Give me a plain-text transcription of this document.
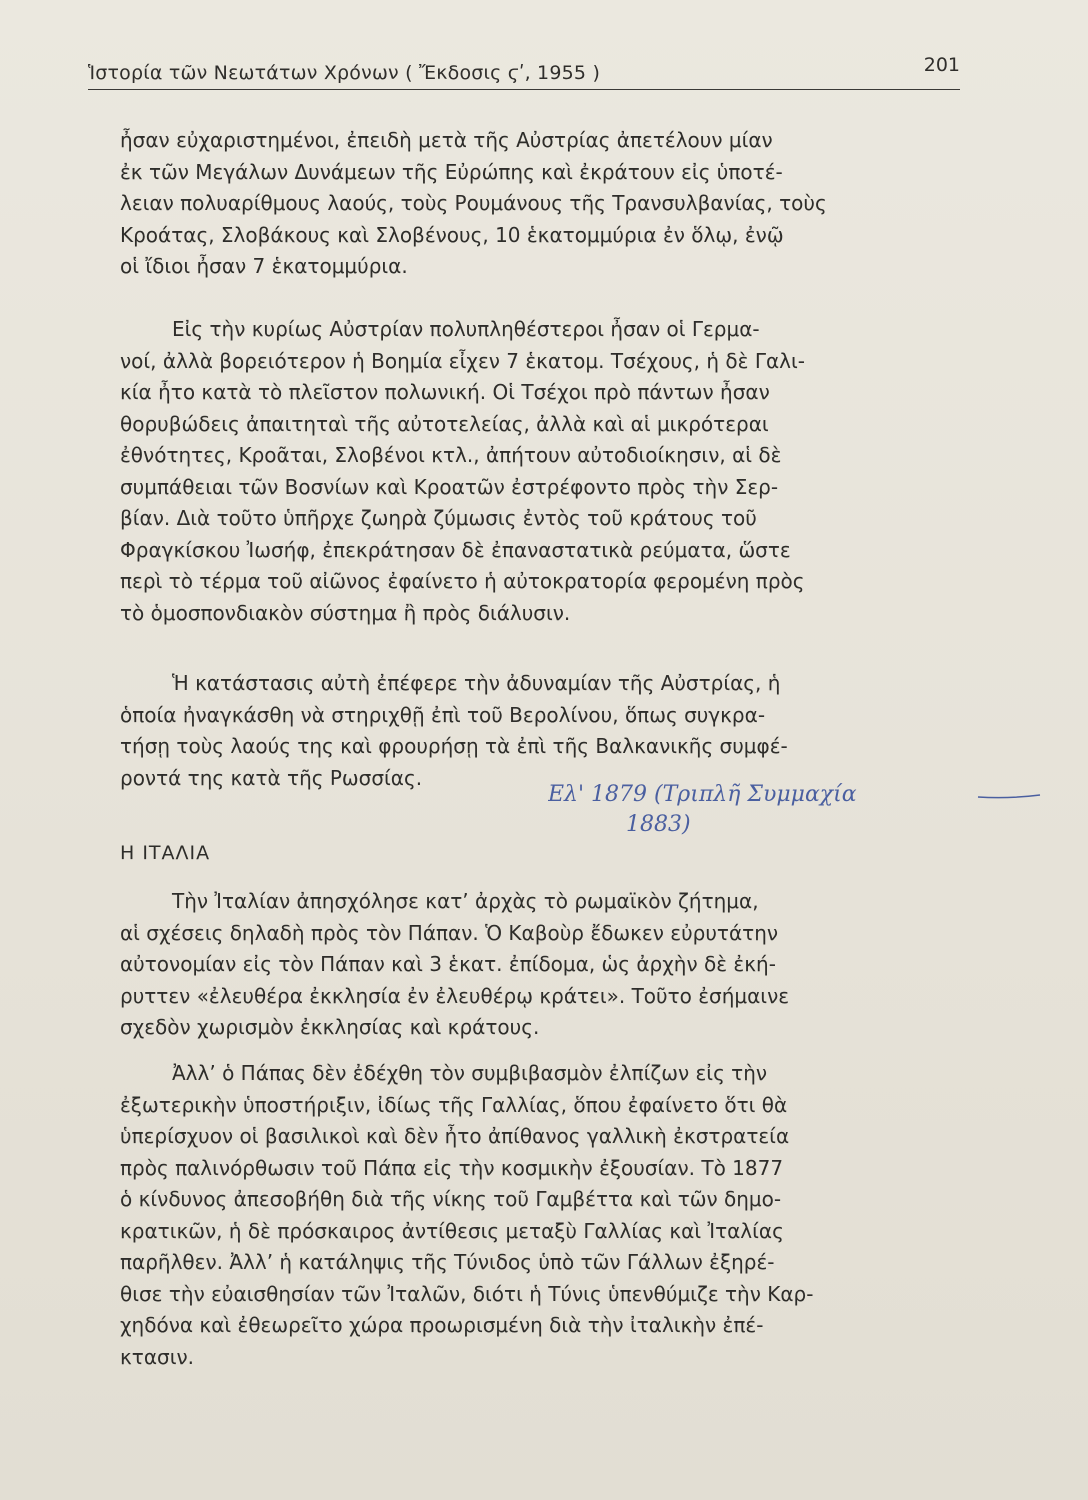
Ἱστορία τῶν Νεωτάτων Χρόνων ( Ἔκδοσις ϛʹ, 1955 )	201
ἦσαν εὐχαριστημένοι, ἐπειδὴ μετὰ τῆς Αὐστρίας ἀπετέλουν μίαν
ἐκ τῶν Μεγάλων Δυνάμεων τῆς Εὐρώπης καὶ ἐκράτουν εἰς ὑποτέ-
λειαν πολυαρίθμους λαούς, τοὺς Ρουμάνους τῆς Τρανσυλβανίας, τοὺς
Κροάτας, Σλοβάκους καὶ Σλοβένους, 10 ἑκατομμύρια ἐν ὅλῳ, ἐνῷ
οἱ ἴδιοι ἦσαν 7 ἑκατομμύρια.
Εἰς τὴν κυρίως Αὐστρίαν πολυπληθέστεροι ἦσαν οἱ Γερμα-
νοί, ἀλλὰ βορειότερον ἡ Βοημία εἶχεν 7 ἑκατομ. Τσέχους, ἡ δὲ Γαλι-
κία ἦτο κατὰ τὸ πλεῖστον πολωνική. Οἱ Τσέχοι πρὸ πάντων ἦσαν
θορυβώδεις ἀπαιτηταὶ τῆς αὐτοτελείας, ἀλλὰ καὶ αἱ μικρότεραι
ἐθνότητες, Κροᾶται, Σλοβένοι κτλ., ἀπήτουν αὐτοδιοίκησιν, αἱ δὲ
συμπάθειαι τῶν Βοσνίων καὶ Κροατῶν ἐστρέφοντο πρὸς τὴν Σερ-
βίαν. Διὰ τοῦτο ὑπῆρχε ζωηρὰ ζύμωσις ἐντὸς τοῦ κράτους τοῦ
Φραγκίσκου Ἰωσήφ, ἐπεκράτησαν δὲ ἐπαναστατικὰ ρεύματα, ὥστε
περὶ τὸ τέρμα τοῦ αἰῶνος ἐφαίνετο ἡ αὐτοκρατορία φερομένη πρὸς
τὸ ὁμοσπονδιακὸν σύστημα ἢ πρὸς διάλυσιν.
Ἡ κατάστασις αὐτὴ ἐπέφερε τὴν ἀδυναμίαν τῆς Αὐστρίας, ἡ
ὁποία ἠναγκάσθη νὰ στηριχθῇ ἐπὶ τοῦ Βερολίνου, ὅπως συγκρα-
τήσῃ τοὺς λαούς της καὶ φρουρήσῃ τὰ ἐπὶ τῆς Βαλκανικῆς συμφέ-
ροντά της κατὰ τῆς Ρωσσίας.
Ελ' 1879 (Τριπλῆ Συμμαχία
1883)
Η ΙΤΑΛΙΑ
Τὴν Ἰταλίαν ἀπησχόλησε κατ’ ἀρχὰς τὸ ρωμαϊκὸν ζήτημα,
αἱ σχέσεις δηλαδὴ πρὸς τὸν Πάπαν. Ὁ Καβοὺρ ἔδωκεν εὐρυτάτην
αὐτονομίαν εἰς τὸν Πάπαν καὶ 3 ἑκατ. ἐπίδομα, ὡς ἀρχὴν δὲ ἐκή-
ρυττεν «ἐλευθέρα ἐκκλησία ἐν ἐλευθέρῳ κράτει». Τοῦτο ἐσήμαινε
σχεδὸν χωρισμὸν ἐκκλησίας καὶ κράτους.
Ἀλλ’ ὁ Πάπας δὲν ἐδέχθη τὸν συμβιβασμὸν ἐλπίζων εἰς τὴν
ἐξωτερικὴν ὑποστήριξιν, ἰδίως τῆς Γαλλίας, ὅπου ἐφαίνετο ὅτι θὰ
ὑπερίσχυον οἱ βασιλικοὶ καὶ δὲν ἦτο ἀπίθανος γαλλικὴ ἐκστρατεία
πρὸς παλινόρθωσιν τοῦ Πάπα εἰς τὴν κοσμικὴν ἐξουσίαν. Τὸ 1877
ὁ κίνδυνος ἀπεσοβήθη διὰ τῆς νίκης τοῦ Γαμβέττα καὶ τῶν δημο-
κρατικῶν, ἡ δὲ πρόσκαιρος ἀντίθεσις μεταξὺ Γαλλίας καὶ Ἰταλίας
παρῆλθεν. Ἀλλ’ ἡ κατάληψις τῆς Τύνιδος ὑπὸ τῶν Γάλλων ἐξηρέ-
θισε τὴν εὐαισθησίαν τῶν Ἰταλῶν, διότι ἡ Τύνις ὑπενθύμιζε τὴν Καρ-
χηδόνα καὶ ἐθεωρεῖτο χώρα προωρισμένη διὰ τὴν ἰταλικὴν ἐπέ-
κτασιν.
